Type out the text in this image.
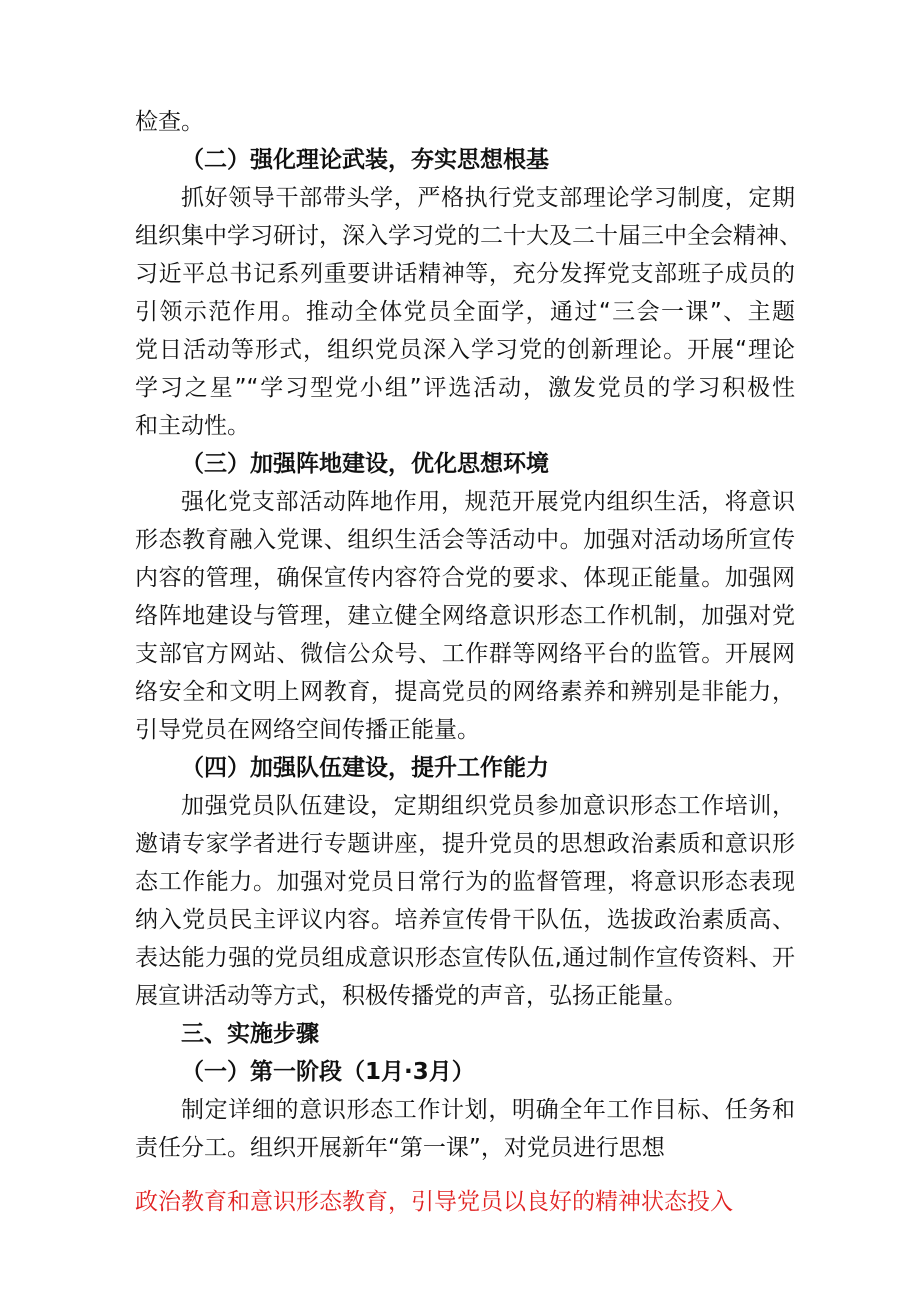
检查。
（二）强化理论武装，夯实思想根基
抓好领导干部带头学，严格执行党支部理论学习制度，定期
组织集中学习研讨，深入学习党的二十大及二十届三中全会精神、
习近平总书记系列重要讲话精神等，充分发挥党支部班子成员的
引领示范作用。推动全体党员全面学，通过“三会一课”、主题
党日活动等形式，组织党员深入学习党的创新理论。开展“理论
学习之星”“学习型党小组”评选活动，激发党员的学习积极性
和主动性。
（三）加强阵地建设，优化思想环境
强化党支部活动阵地作用，规范开展党内组织生活，将意识
形态教育融入党课、组织生活会等活动中。加强对活动场所宣传
内容的管理，确保宣传内容符合党的要求、体现正能量。加强网
络阵地建设与管理，建立健全网络意识形态工作机制，加强对党
支部官方网站、微信公众号、工作群等网络平台的监管。开展网
络安全和文明上网教育，提高党员的网络素养和辨别是非能力，
引导党员在网络空间传播正能量。
（四）加强队伍建设，提升工作能力
加强党员队伍建设，定期组织党员参加意识形态工作培训，
邀请专家学者进行专题讲座，提升党员的思想政治素质和意识形
态工作能力。加强对党员日常行为的监督管理，将意识形态表现
纳入党员民主评议内容。培养宣传骨干队伍，选拔政治素质高、
表达能力强的党员组成意识形态宣传队伍,通过制作宣传资料、开
展宣讲活动等方式，积极传播党的声音，弘扬正能量。
三、实施步骤
（一）第一阶段（1月·3月）
制定详细的意识形态工作计划，明确全年工作目标、任务和
责任分工。组织开展新年“第一课”，对党员进行思想
政治教育和意识形态教育，引导党员以良好的精神状态投入
